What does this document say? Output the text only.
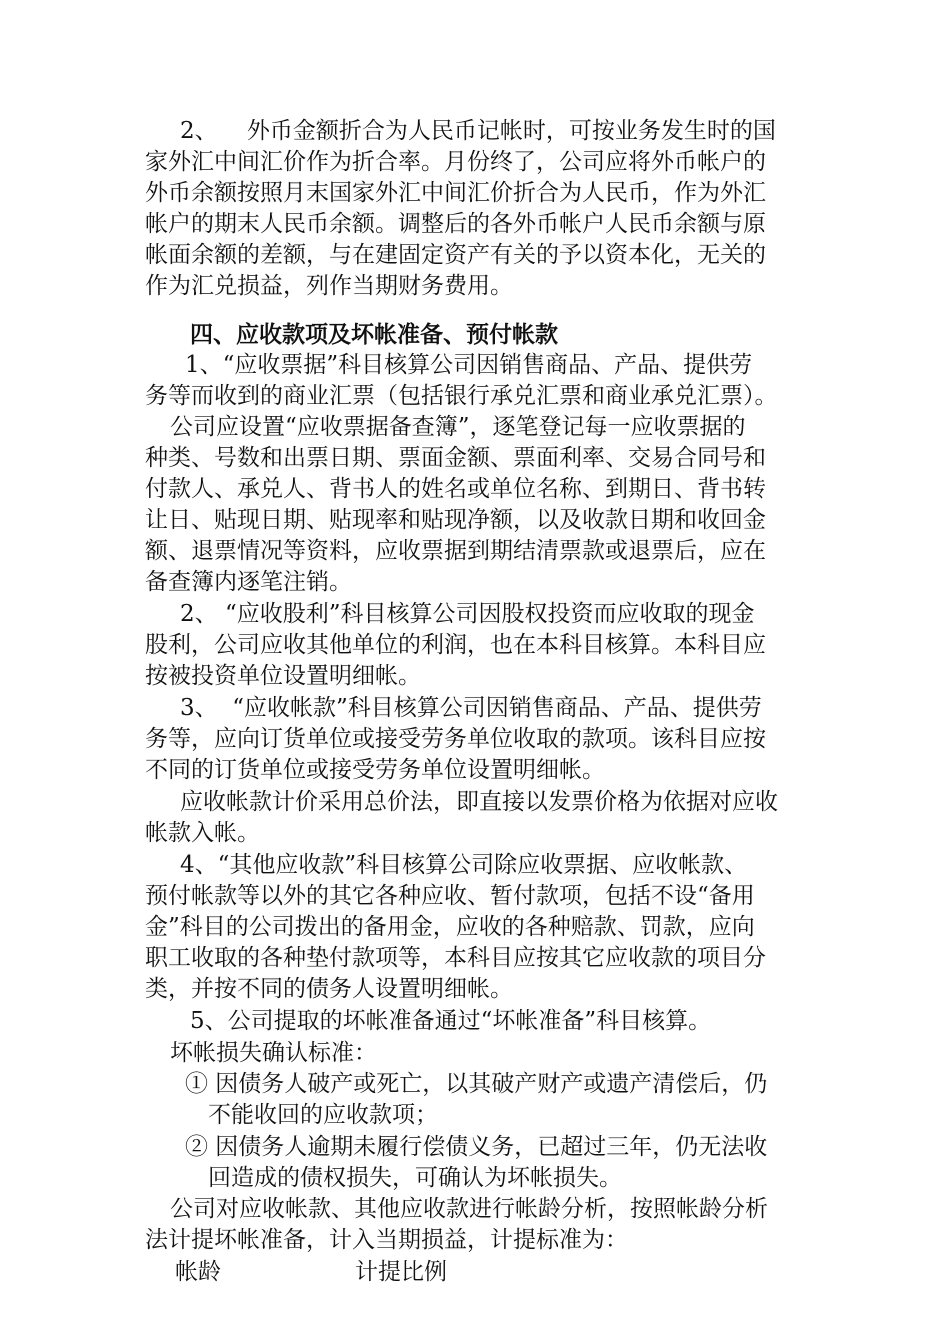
2、    外币金额折合为人民币记帐时，可按业务发生时的国
家外汇中间汇价作为折合率。月份终了，公司应将外币帐户的
外币余额按照月末国家外汇中间汇价折合为人民币，作为外汇
帐户的期末人民币余额。调整后的各外币帐户人民币余额与原
帐面余额的差额，与在建固定资产有关的予以资本化，无关的
作为汇兑损益，列作当期财务费用。
四、应收款项及坏帐准备、预付帐款
1、“应收票据”科目核算公司因销售商品、产品、提供劳
务等而收到的商业汇票（包括银行承兑汇票和商业承兑汇票）。
公司应设置“应收票据备查簿”，逐笔登记每一应收票据的
种类、号数和出票日期、票面金额、票面利率、交易合同号和
付款人、承兑人、背书人的姓名或单位名称、到期日、背书转
让日、贴现日期、贴现率和贴现净额，以及收款日期和收回金
额、退票情况等资料，应收票据到期结清票款或退票后，应在
备查簿内逐笔注销。
2、 “应收股利”科目核算公司因股权投资而应收取的现金
股利，公司应收其他单位的利润，也在本科目核算。本科目应
按被投资单位设置明细帐。
3、  “应收帐款”科目核算公司因销售商品、产品、提供劳
务等，应向订货单位或接受劳务单位收取的款项。该科目应按
不同的订货单位或接受劳务单位设置明细帐。
应收帐款计价采用总价法，即直接以发票价格为依据对应收
帐款入帐。
4、“其他应收款”科目核算公司除应收票据、应收帐款、
预付帐款等以外的其它各种应收、暂付款项，包括不设“备用
金”科目的公司拨出的备用金，应收的各种赔款、罚款，应向
职工收取的各种垫付款项等，本科目应按其它应收款的项目分
类，并按不同的债务人设置明细帐。
5、公司提取的坏帐准备通过“坏帐准备”科目核算。
坏帐损失确认标准：
① 因债务人破产或死亡，以其破产财产或遗产清偿后，仍
不能收回的应收款项；
② 因债务人逾期未履行偿债义务，已超过三年，仍无法收
回造成的债权损失，可确认为坏帐损失。
公司对应收帐款、其他应收款进行帐龄分析，按照帐龄分析
法计提坏帐准备，计入当期损益，计提标准为：
帐龄	计提比例
